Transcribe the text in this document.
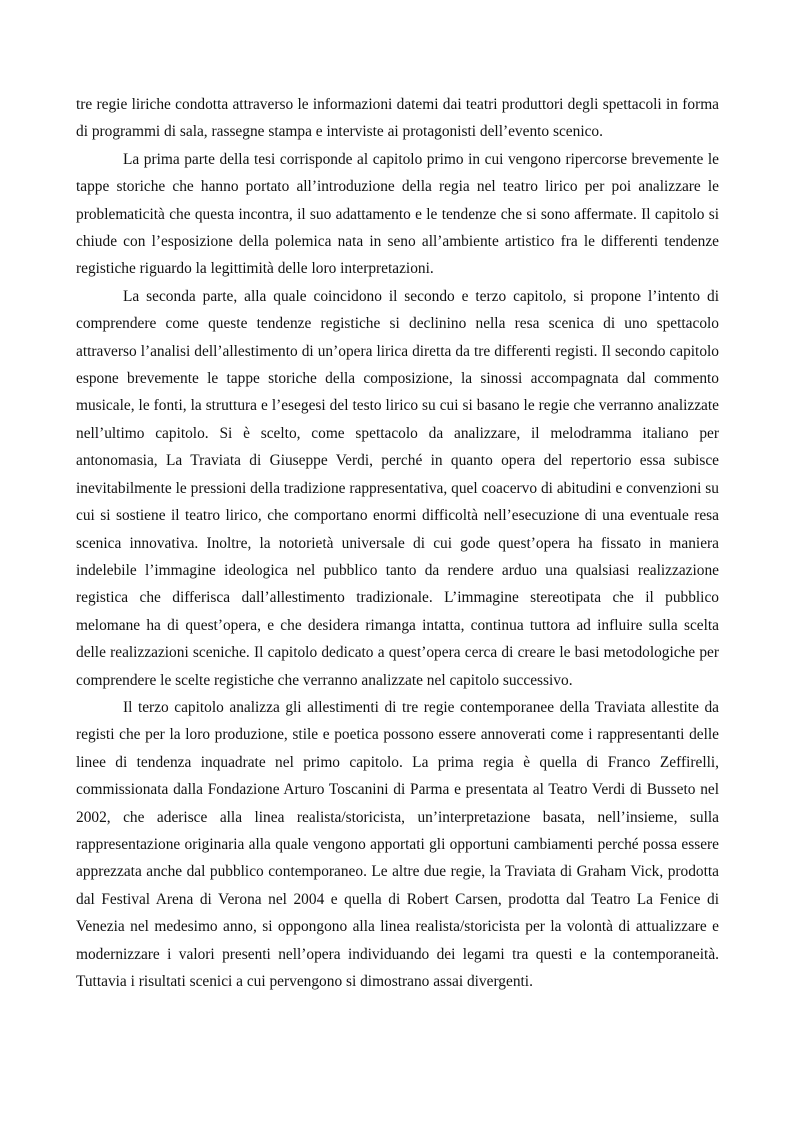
tre regie liriche condotta attraverso le informazioni datemi dai teatri produttori degli spettacoli in forma di programmi di sala, rassegne stampa e interviste ai protagonisti dell’evento scenico.

La prima parte della tesi corrisponde al capitolo primo in cui vengono ripercorse brevemente le tappe storiche che hanno portato all’introduzione della regia nel teatro lirico per poi analizzare le problematicità che questa incontra, il suo adattamento e le tendenze che si sono affermate. Il capitolo si chiude con l’esposizione della polemica nata in seno all’ambiente artistico fra le differenti tendenze registiche riguardo la legittimità delle loro interpretazioni.

La seconda parte, alla quale coincidono il secondo e terzo capitolo, si propone l’intento di comprendere come queste tendenze registiche si declinino nella resa scenica di uno spettacolo attraverso l’analisi dell’allestimento di un’opera lirica diretta da tre differenti registi. Il secondo capitolo espone brevemente le tappe storiche della composizione, la sinossi accompagnata dal commento musicale, le fonti, la struttura e l’esegesi del testo lirico su cui si basano le regie che verranno analizzate nell’ultimo capitolo. Si è scelto, come spettacolo da analizzare, il melodramma italiano per antonomasia, La Traviata di Giuseppe Verdi, perché in quanto opera del repertorio essa subisce inevitabilmente le pressioni della tradizione rappresentativa, quel coacervo di abitudini e convenzioni su cui si sostiene il teatro lirico, che comportano enormi difficoltà nell’esecuzione di una eventuale resa scenica innovativa. Inoltre, la notorietà universale di cui gode quest’opera ha fissato in maniera indelebile l’immagine ideologica nel pubblico tanto da rendere arduo una qualsiasi realizzazione registica che differisca dall’allestimento tradizionale. L’immagine stereotipata che il pubblico melomane ha di quest’opera, e che desidera rimanga intatta, continua tuttora ad influire sulla scelta delle realizzazioni sceniche. Il capitolo dedicato a quest’opera cerca di creare le basi metodologiche per comprendere le scelte registiche che verranno analizzate nel capitolo successivo.

Il terzo capitolo analizza gli allestimenti di tre regie contemporanee della Traviata allestite da registi che per la loro produzione, stile e poetica possono essere annoverati come i rappresentanti delle linee di tendenza inquadrate nel primo capitolo. La prima regia è quella di Franco Zeffirelli, commissionata dalla Fondazione Arturo Toscanini di Parma e presentata al Teatro Verdi di Busseto nel 2002, che aderisce alla linea realista/storicista, un’interpretazione basata, nell’insieme, sulla rappresentazione originaria alla quale vengono apportati gli opportuni cambiamenti perché possa essere apprezzata anche dal pubblico contemporaneo. Le altre due regie, la Traviata di Graham Vick, prodotta dal Festival Arena di Verona nel 2004 e quella di Robert Carsen, prodotta dal Teatro La Fenice di Venezia nel medesimo anno, si oppongono alla linea realista/storicista per la volontà di attualizzare e modernizzare i valori presenti nell’opera individuando dei legami tra questi e la contemporaneità. Tuttavia i risultati scenici a cui pervengono si dimostrano assai divergenti.
